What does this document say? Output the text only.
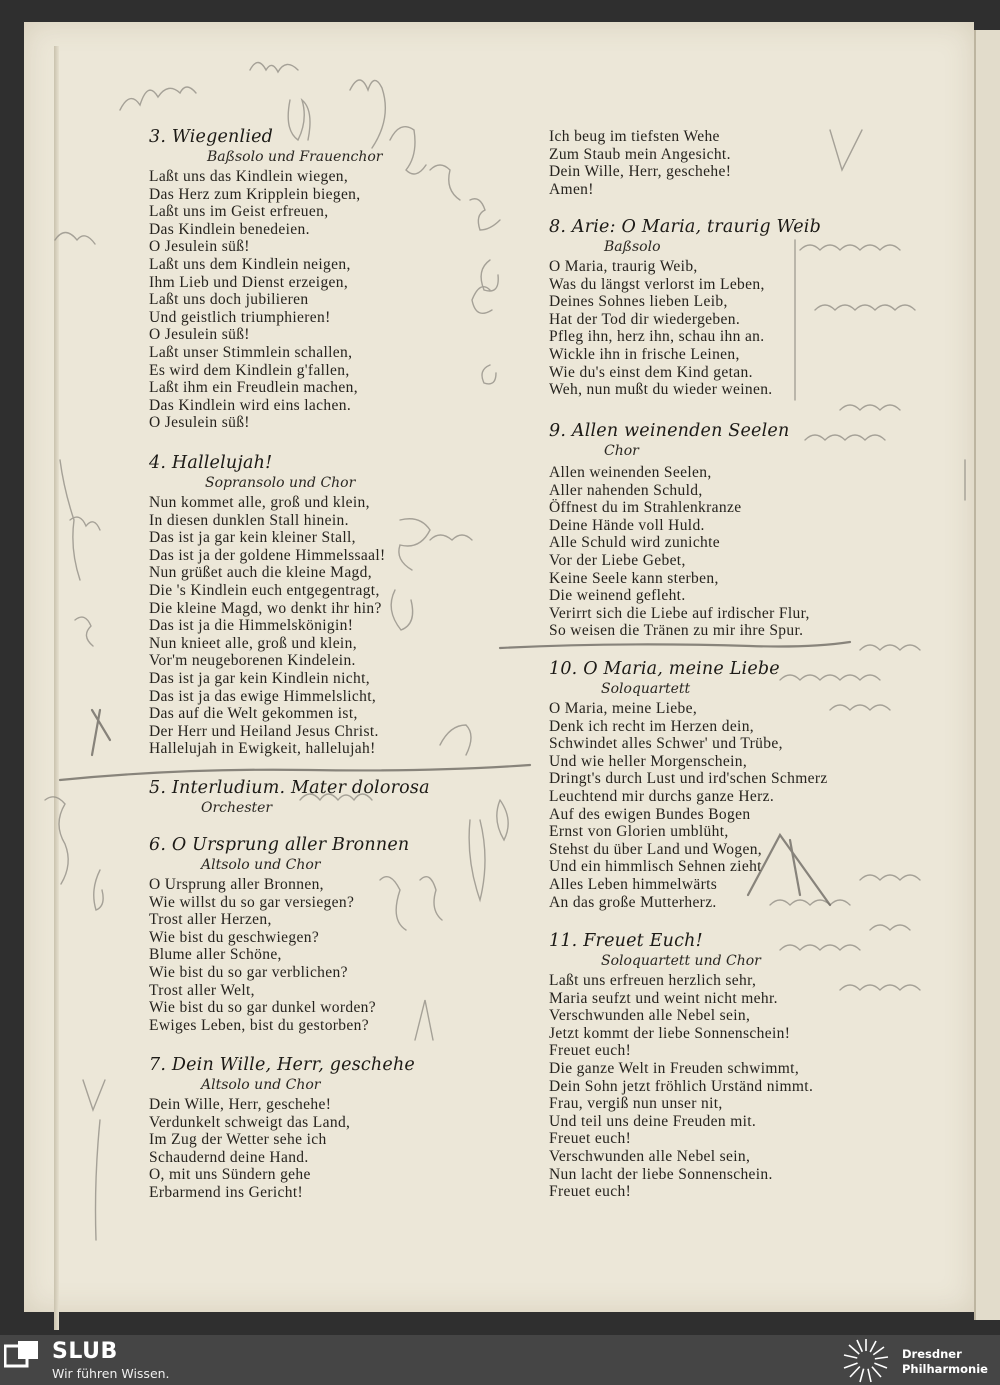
3. Wiegenlied
Baßsolo und Frauenchor
Laßt uns das Kindlein wiegen,
Das Herz zum Kripplein biegen,
Laßt uns im Geist erfreuen,
Das Kindlein benedeien.
O Jesulein süß!
Laßt uns dem Kindlein neigen,
Ihm Lieb und Dienst erzeigen,
Laßt uns doch jubilieren
Und geistlich triumphieren!
O Jesulein süß!
Laßt unser Stimmlein schallen,
Es wird dem Kindlein g'fallen,
Laßt ihm ein Freudlein machen,
Das Kindlein wird eins lachen.
O Jesulein süß!
4. Hallelujah!
Sopransolo und Chor
Nun kommet alle, groß und klein,
In diesen dunklen Stall hinein.
Das ist ja gar kein kleiner Stall,
Das ist ja der goldene Himmelssaal!
Nun grüßet auch die kleine Magd,
Die 's Kindlein euch entgegentragt,
Die kleine Magd, wo denkt ihr hin?
Das ist ja die Himmelskönigin!
Nun knieet alle, groß und klein,
Vor'm neugeborenen Kindelein.
Das ist ja gar kein Kindlein nicht,
Das ist ja das ewige Himmelslicht,
Das auf die Welt gekommen ist,
Der Herr und Heiland Jesus Christ.
Hallelujah in Ewigkeit, hallelujah!
5. Interludium. Mater dolorosa
Orchester
6. O Ursprung aller Bronnen
Altsolo und Chor
O Ursprung aller Bronnen,
Wie willst du so gar versiegen?
Trost aller Herzen,
Wie bist du geschwiegen?
Blume aller Schöne,
Wie bist du so gar verblichen?
Trost aller Welt,
Wie bist du so gar dunkel worden?
Ewiges Leben, bist du gestorben?
7. Dein Wille, Herr, geschehe
Altsolo und Chor
Dein Wille, Herr, geschehe!
Verdunkelt schweigt das Land,
Im Zug der Wetter sehe ich
Schaudernd deine Hand.
O, mit uns Sündern gehe
Erbarmend ins Gericht!
Ich beug im tiefsten Wehe
Zum Staub mein Angesicht.
Dein Wille, Herr, geschehe!
Amen!
8. Arie: O Maria, traurig Weib
Baßsolo
O Maria, traurig Weib,
Was du längst verlorst im Leben,
Deines Sohnes lieben Leib,
Hat der Tod dir wiedergeben.
Pfleg ihn, herz ihn, schau ihn an.
Wickle ihn in frische Leinen,
Wie du's einst dem Kind getan.
Weh, nun mußt du wieder weinen.
9. Allen weinenden Seelen
Chor
Allen weinenden Seelen,
Aller nahenden Schuld,
Öffnest du im Strahlenkranze
Deine Hände voll Huld.
Alle Schuld wird zunichte
Vor der Liebe Gebet,
Keine Seele kann sterben,
Die weinend gefleht.
Verirrt sich die Liebe auf irdischer Flur,
So weisen die Tränen zu mir ihre Spur.
10. O Maria, meine Liebe
Soloquartett
O Maria, meine Liebe,
Denk ich recht im Herzen dein,
Schwindet alles Schwer' und Trübe,
Und wie heller Morgenschein,
Dringt's durch Lust und ird'schen Schmerz
Leuchtend mir durchs ganze Herz.
Auf des ewigen Bundes Bogen
Ernst von Glorien umblüht,
Stehst du über Land und Wogen,
Und ein himmlisch Sehnen zieht
Alles Leben himmelwärts
An das große Mutterherz.
11. Freuet Euch!
Soloquartett und Chor
Laßt uns erfreuen herzlich sehr,
Maria seufzt und weint nicht mehr.
Verschwunden alle Nebel sein,
Jetzt kommt der liebe Sonnenschein!
Freuet euch!
Die ganze Welt in Freuden schwimmt,
Dein Sohn jetzt fröhlich Urständ nimmt.
Frau, vergiß nun unser nit,
Und teil uns deine Freuden mit.
Freuet euch!
Verschwunden alle Nebel sein,
Nun lacht der liebe Sonnenschein.
Freuet euch!
SLUB
Wir führen Wissen.
Dresdner
Philharmonie
